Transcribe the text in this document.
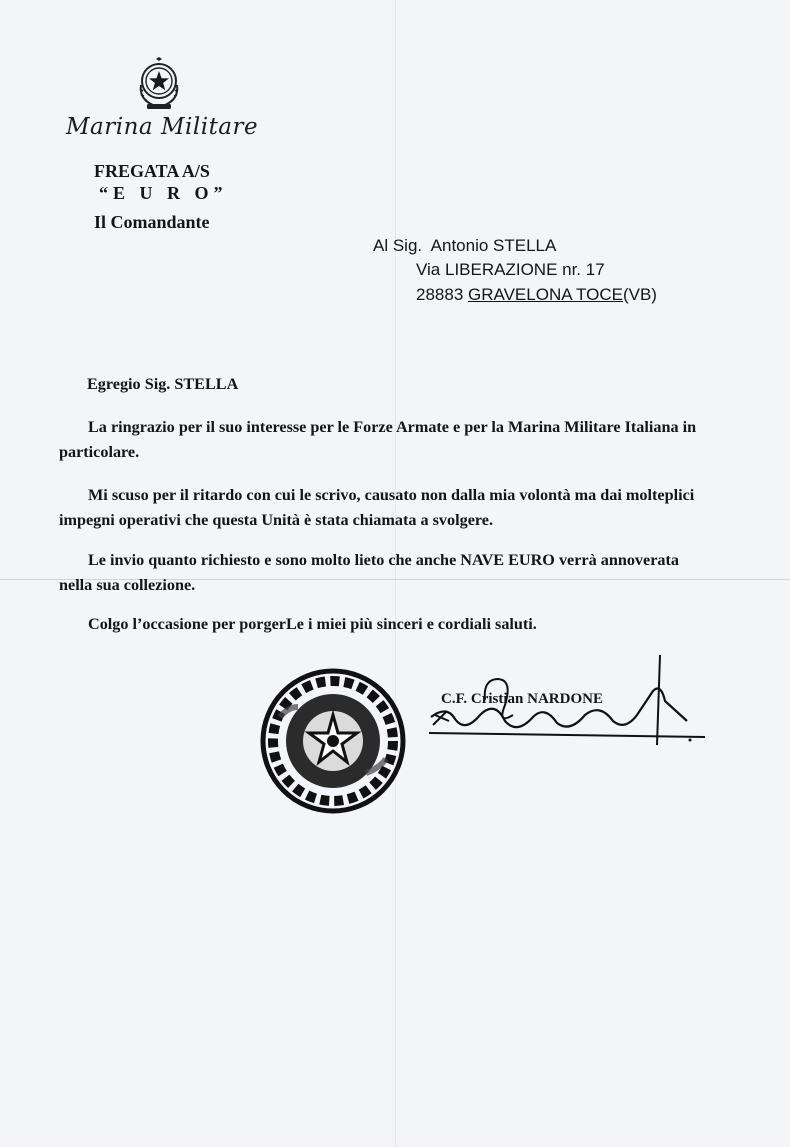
Marina Militare
FREGATA A/S
“E U R O”
Il Comandante
Al Sig. Antonio STELLA
Via LIBERAZIONE nr. 17
28883 GRAVELONA TOCE(VB)
Egregio Sig. STELLA
La ringrazio per il suo interesse per le Forze Armate e per la Marina Militare Italiana in
particolare.
Mi scuso per il ritardo con cui le scrivo, causato non dalla mia volontà ma dai molteplici
impegni operativi che questa Unità è stata chiamata a svolgere.
Le invio quanto richiesto e sono molto lieto che anche NAVE EURO verrà annoverata
nella sua collezione.
Colgo l’occasione per porgerLe i miei più sinceri e cordiali saluti.
C.F. Cristian NARDONE
